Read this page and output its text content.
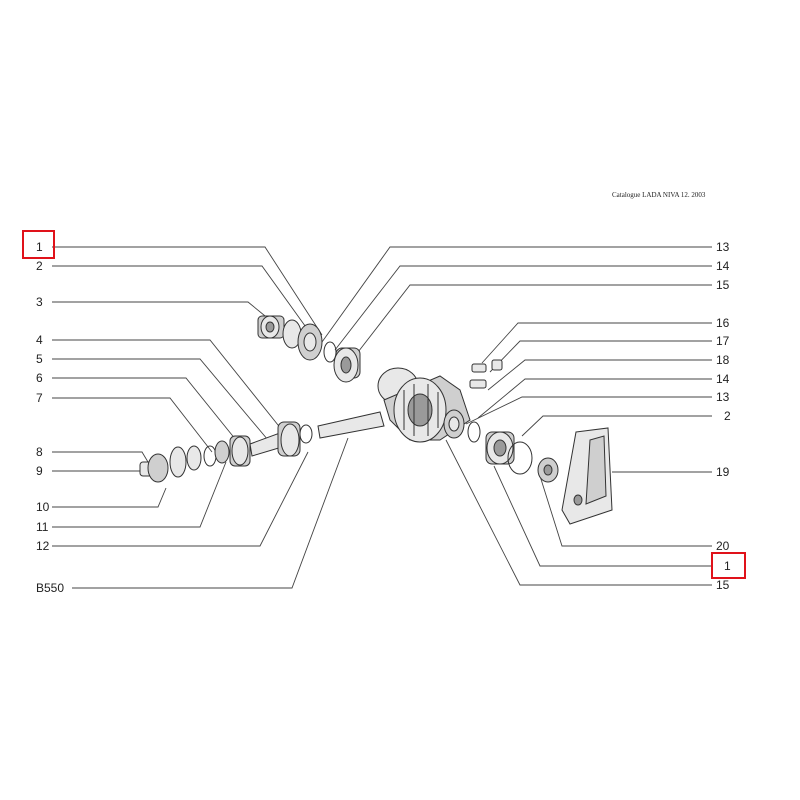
Catalogue LADA NIVA 12. 2003
1
2
3
4
5
6
7
8
9
10
11
12
B550
13
14
15
16
17
18
14
13
2
19
20
1
15
